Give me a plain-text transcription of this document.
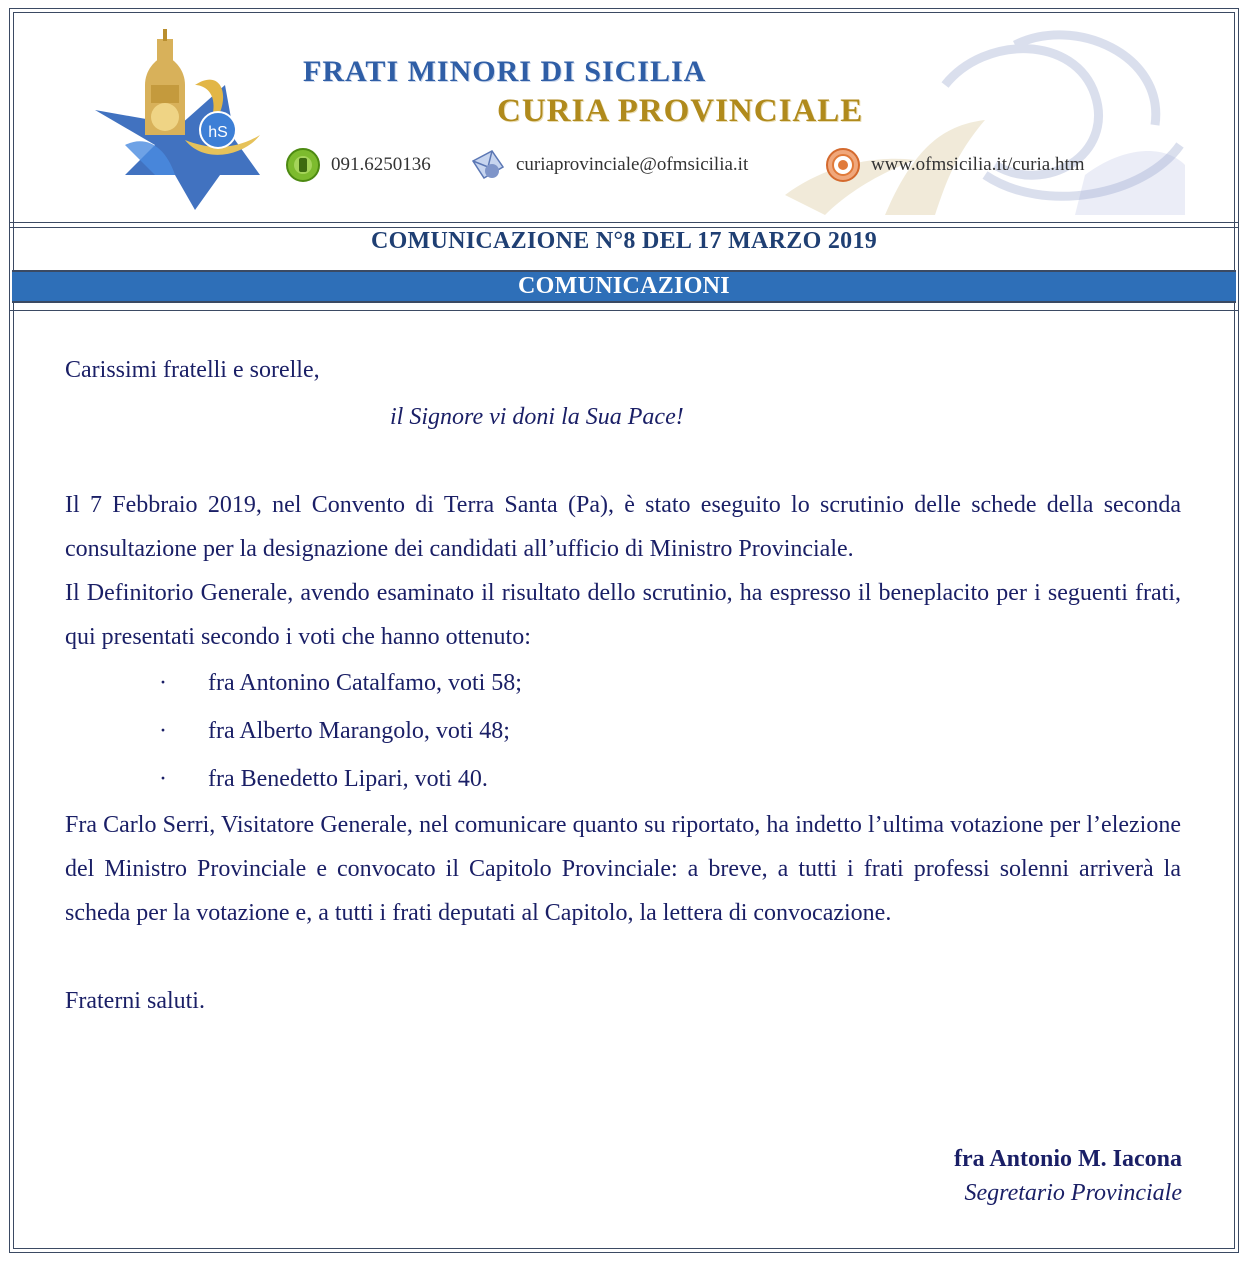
hS
FRATI MINORI DI SICILIA
CURIA PROVINCIALE
091.6250136	curiaprovinciale@ofmsicilia.it	www.ofmsicilia.it/curia.htm
COMUNICAZIONE N°8 DEL 17 MARZO 2019
COMUNICAZIONI

Carissimi fratelli e sorelle,

il Signore vi doni la Sua Pace!

Il 7 Febbraio 2019, nel Convento di Terra Santa (Pa), è stato eseguito lo scrutinio delle schede della seconda consultazione per la designazione dei candidati all’ufficio di Ministro Provinciale.

Il Definitorio Generale, avendo esaminato il risultato dello scrutinio, ha espresso il beneplacito per i seguenti frati, qui presentati secondo i voti che hanno ottenuto:

· fra Antonino Catalfamo, voti 58;
· fra Alberto Marangolo, voti 48;
· fra Benedetto Lipari, voti 40.

Fra Carlo Serri, Visitatore Generale, nel comunicare quanto su riportato, ha indetto l’ultima votazione per l’elezione del Ministro Provinciale e convocato il Capitolo Provinciale: a breve, a tutti i frati professi solenni arriverà la scheda per la votazione e, a tutti i frati deputati al Capitolo, la lettera di convocazione.

Fraterni saluti.

fra Antonio M. Iacona
Segretario Provinciale
